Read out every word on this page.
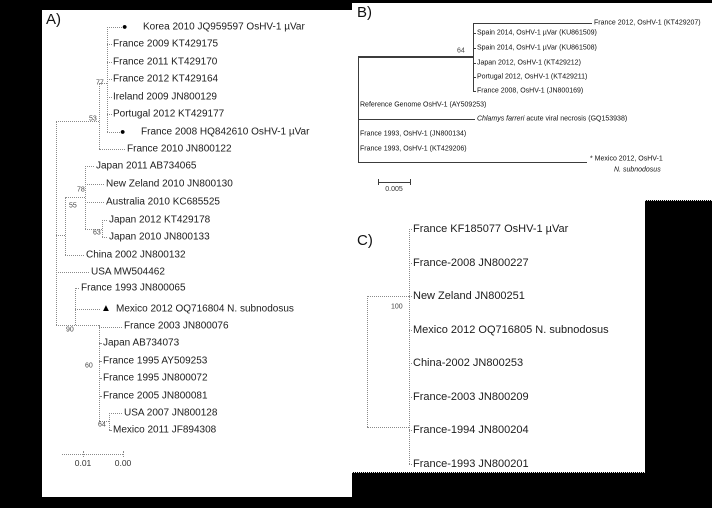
A)	B)
C)
Korea 2010 JQ959597 OsHV-1 µVar
●
France 2009 KT429175
France 2011 KT429170
France 2012 KT429164
Ireland 2009 JN800129
Portugal 2012 KT429177
France 2008 HQ842610 OsHV-1 µVar
●
France 2010 JN800122
Japan 2011 AB734065
New Zeland 2010 JN800130
Australia 2010 KC685525
Japan 2012 KT429178
Japan 2010 JN800133
China 2002 JN800132
USA MW504462
France 1993 JN800065
Mexico 2012 OQ716804 N. subnodosus
▲
France 2003 JN800076
Japan AB734073
France 1995 AY509253
France 1995 JN800072
France 2005 JN800081
USA 2007 JN800128
Mexico 2011 JF894308
77
53
78
55
63
90
60
64
France 2012, OsHV-1 (KT429207)
Spain 2014, OsHV-1 µVar (KU861509)
Spain 2014, OsHV-1 µVar (KU861508)
Japan 2012, OsHV-1 (KT429212)
Portugal 2012, OsHV-1 (KT429211)
France 2008, OsHV-1 (JN800169)
Reference Genome OsHV-1 (AY509253)
Chlamys farreri acute viral necrosis (GQ153938)
France 1993, OsHV-1 (JN800134)
France 1993, OsHV-1 (KT429206)
* Mexico 2012, OsHV-1
N. subnodosus
64
France KF185077 OsHV-1 µVar
France-2008 JN800227
New Zeland JN800251
Mexico 2012 OQ716805 N. subnodosus
China-2002 JN800253
France-2003 JN800209
France-1994 JN800204
France-1993 JN800201
100
0.01	0.00
0.005
